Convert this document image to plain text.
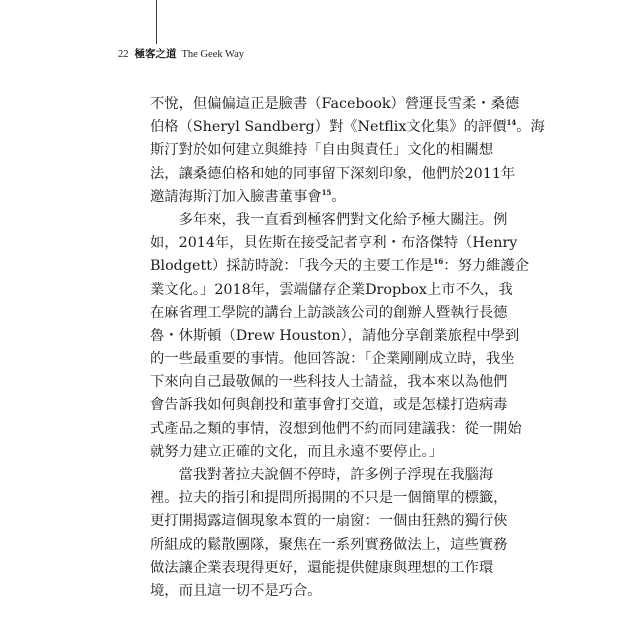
22 極客之道 The Geek Way
不悅，但偏偏這正是臉書（Facebook）營運長雪柔・桑德
伯格（Sheryl Sandberg）對《Netflix文化集》的評價$^{14}$。海
斯汀對於如何建立與維持「自由與責任」文化的相關想
法，讓桑德伯格和她的同事留下深刻印象，他們於2011年
邀請海斯汀加入臉書董事會$^{15}$。
　　多年來，我一直看到極客們對文化給予極大關注。例
如，2014年，貝佐斯在接受記者亨利・布洛傑特（Henry
Blodgett）採訪時說：「我今天的主要工作是$^{16}$：努力維護企
業文化。」2018年，雲端儲存企業Dropbox上市不久，我
在麻省理工學院的講台上訪談該公司的創辦人暨執行長德
魯・休斯頓（Drew Houston），請他分享創業旅程中學到
的一些最重要的事情。他回答說：「企業剛剛成立時，我坐
下來向自己最敬佩的一些科技人士請益，我本來以為他們
會告訴我如何與創投和董事會打交道，或是怎樣打造病毒
式產品之類的事情，沒想到他們不約而同建議我：從一開始
就努力建立正確的文化，而且永遠不要停止。」
　　當我對著拉夫說個不停時，許多例子浮現在我腦海
裡。拉夫的指引和提問所揭開的不只是一個簡單的標籤，
更打開揭露這個現象本質的一扇窗：一個由狂熱的獨行俠
所組成的鬆散團隊，聚焦在一系列實務做法上，這些實務
做法讓企業表現得更好，還能提供健康與理想的工作環
境，而且這一切不是巧合。
